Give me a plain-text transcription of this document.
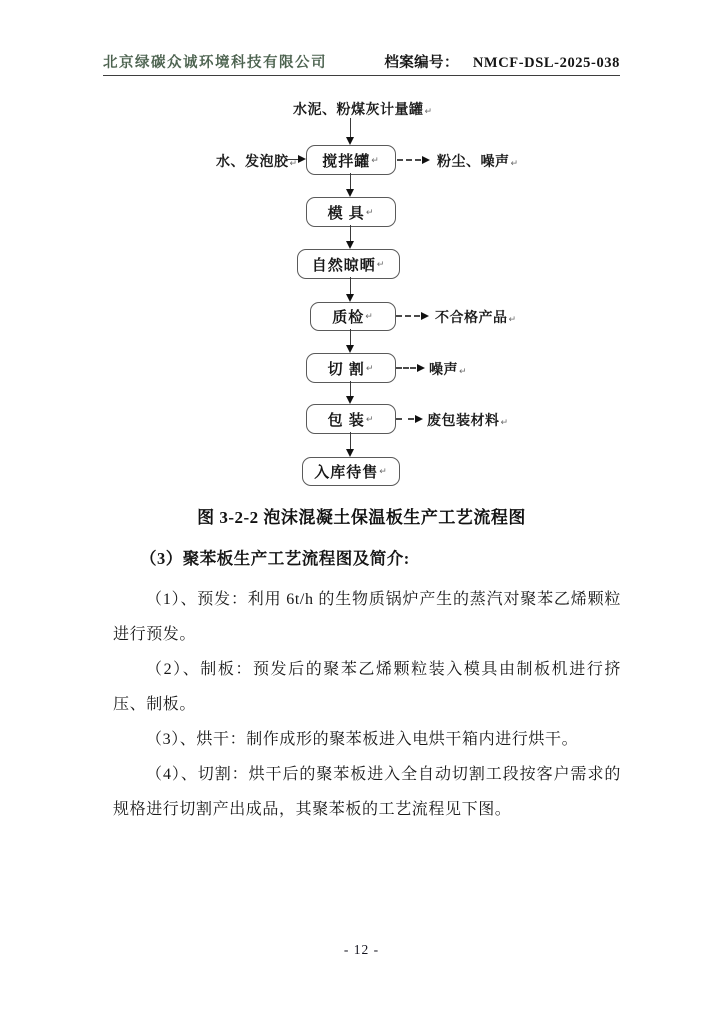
北京绿碳众诚环境科技有限公司	档案编号： NMCF-DSL-2025-038
水泥、粉煤灰计量罐↵
搅拌罐 ↵
水、发泡胶↵	粉尘、噪声↵
模 具 ↵
自然晾晒 ↵
质检 ↵	不合格产品↵
切 割 ↵	噪声↵
包 装 ↵	废包装材料↵
入库待售 ↵
图 3-2-2 泡沫混凝土保温板生产工艺流程图

（3）聚苯板生产工艺流程图及简介:

（1）、预发：利用 6t/h 的生物质锅炉产生的蒸汽对聚苯乙烯颗粒进行预发。

（2）、制板：预发后的聚苯乙烯颗粒装入模具由制板机进行挤压、制板。

（3）、烘干：制作成形的聚苯板进入电烘干箱内进行烘干。

（4）、切割：烘干后的聚苯板进入全自动切割工段按客户需求的规格进行切割产出成品，其聚苯板的工艺流程见下图。

- 12 -
